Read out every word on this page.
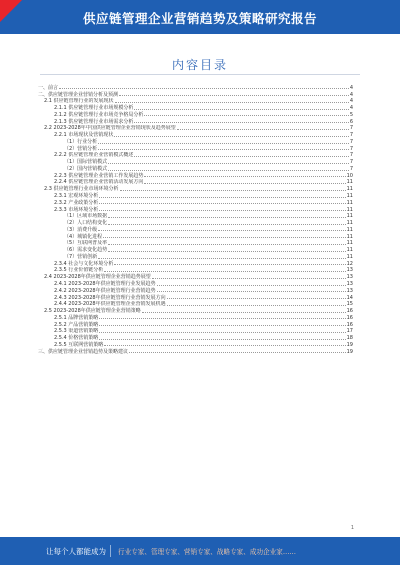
供应链管理企业营销趋势及策略研究报告
内容目录
一、前言	4
二、供应链管理企业营销分析及预测	4
2.1 供应链管理行业的发展现状	4
2.1.1 供应链管理行业市场规模分析	4
2.1.2 供应链管理行业市场竞争格局分析	5
2.1.3 供应链管理行业市场需求分析	6
2.2 2023-2028年中国供应链管理企业营销现状及趋势展望	7
2.2.1 市场现状及营销现状	7
（1）行业分析	7
（2）营销分析	7
2.2.2 供应链管理企业营销模式概述	7
（1）国际营销模式	7
（2）国内营销模式	7
2.2.3 供应链管理企业营销工作发展趋势	10
2.2.4 供应链管理企业营销活动发展方向	11
2.3 供应链管理行业市场环境分析	11
2.3.1 宏观环境分析	11
2.3.2 产业政策分析	11
2.3.3 市场环境分析	11
（1）区域市场数据	11
（2）人口结构变化	11
（3）消费升级	11
（4）城镇化进程	11
（5）互联网普及率	11
（6）需求变化趋势	11
（7）营销创新	11
2.3.4 社会与文化环境分析	12
2.3.5 行业价值链分析	13
2.4 2023-2028年供应链管理企业营销趋势展望	13
2.4.1 2023-2028年供应链管理行业发展趋势	13
2.4.2 2023-2028年供应链管理行业营销趋势	13
2.4.3 2023-2028年供应链管理行业营销发展方向	14
2.4.4 2023-2028年供应链管理企业营销发展机遇	15
2.5 2023-2028年供应链管理企业营销策略	16
2.5.1 品牌营销策略	16
2.5.2 产品营销策略	16
2.5.3 渠道营销策略	17
2.5.4 价格营销策略	18
2.5.5 互联网营销策略	19
三、供应链管理企业营销趋势及策略建议	19
1
让每个人都能成为 行业专家、管理专家、营销专家、战略专家、成功企业家……
